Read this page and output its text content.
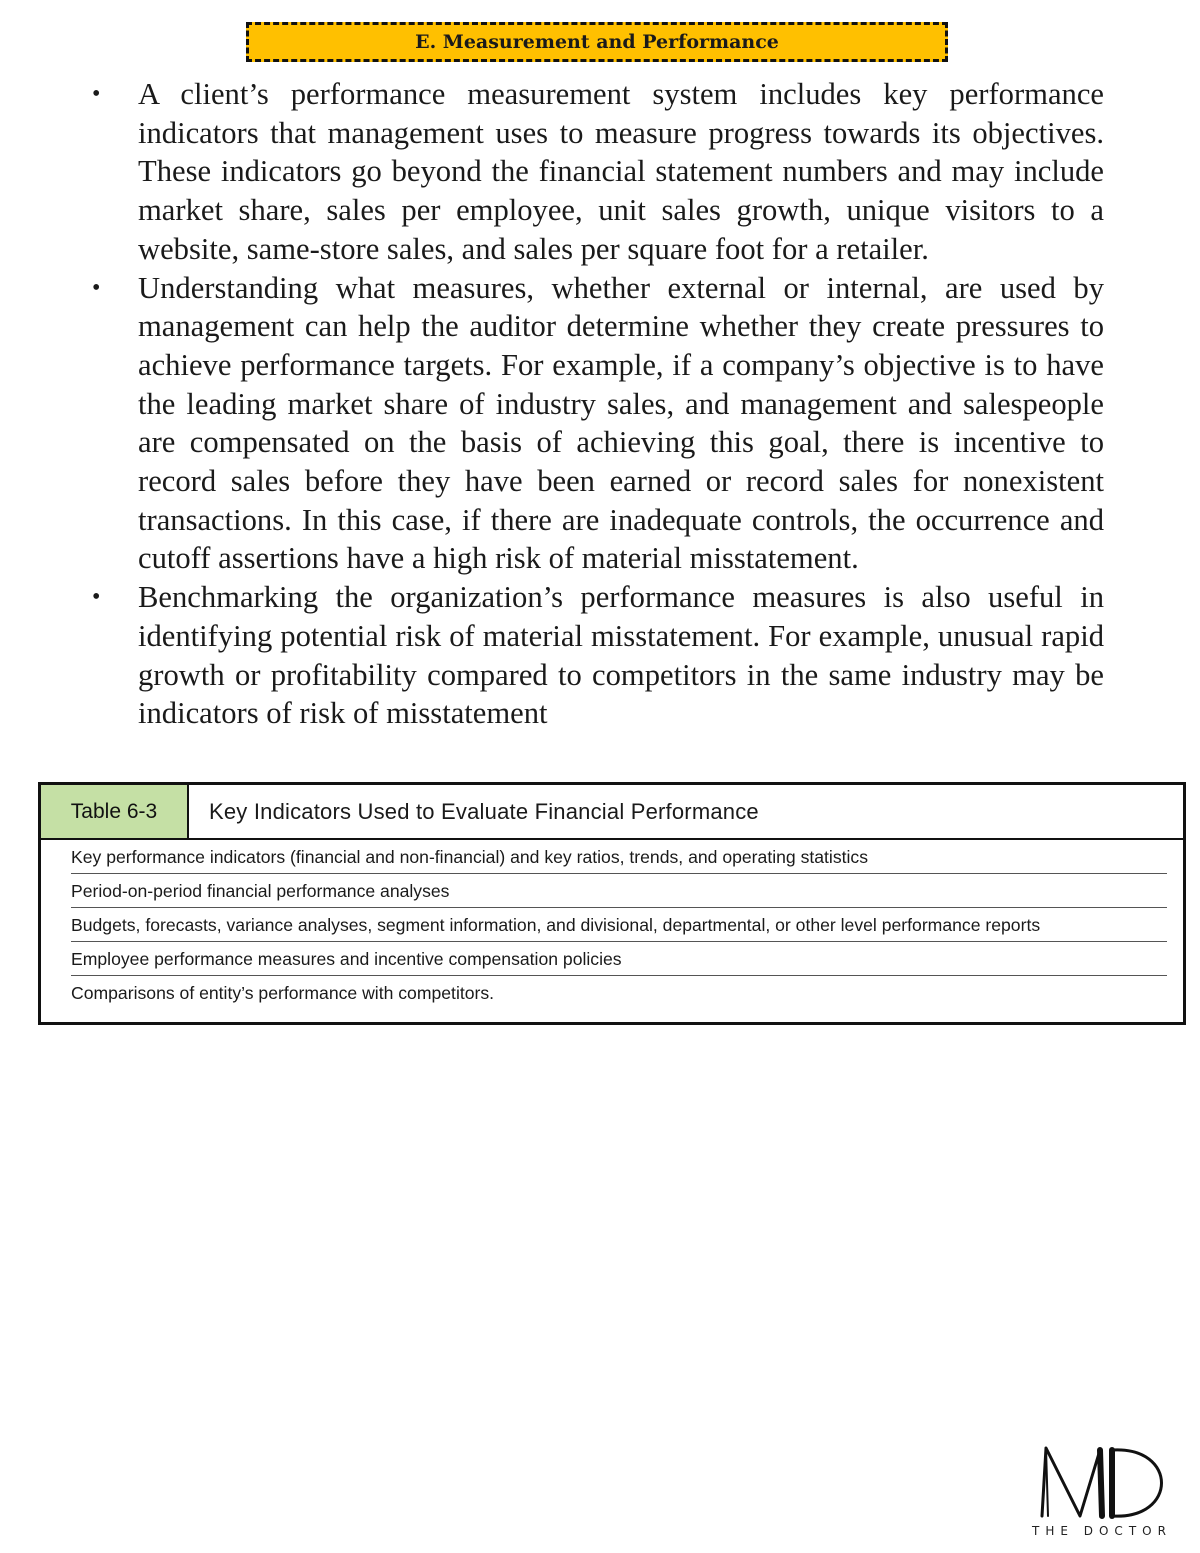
E. Measurement and Performance
• A client’s performance measurement system includes key performance indicators that management uses to measure progress towards its objectives. These indicators go beyond the financial statement numbers and may include market share, sales per employee, unit sales growth, unique visitors to a website, same-store sales, and sales per square foot for a retailer.
• Understanding what measures, whether external or internal, are used by management can help the auditor determine whether they create pressures to achieve performance targets. For example, if a company’s objective is to have the leading market share of industry sales, and management and salespeople are compensated on the basis of achieving this goal, there is incentive to record sales before they have been earned or record sales for nonexistent transactions. In this case, if there are inadequate controls, the occurrence and cutoff assertions have a high risk of material misstatement.
• Benchmarking the organization’s performance measures is also useful in identifying potential risk of material misstatement. For example, unusual rapid growth or profitability compared to competitors in the same industry may be indicators of risk of misstatement
Table 6-3	Key Indicators Used to Evaluate Financial Performance
Key performance indicators (financial and non-financial) and key ratios, trends, and operating statistics
Period-on-period financial performance analyses
Budgets, forecasts, variance analyses, segment information, and divisional, departmental, or other level performance reports
Employee performance measures and incentive compensation policies
Comparisons of entity’s performance with competitors.
THE DOCTOR
